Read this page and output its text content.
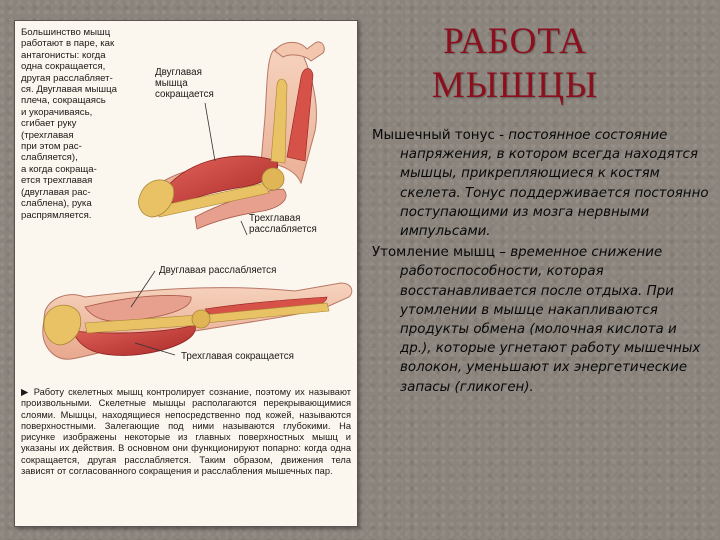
Большинство мышц
работают в паре, как
антагонисты: когда
одна сокращается,
другая расслабляет-
ся. Двуглавая мышца
плеча, сокращаясь
и укорачиваясь,
сгибает руку
(трехглавая
при этом рас-
слабляется),
а когда сокраща-
ется трехглавая
(двуглавая рас-
слаблена), рука
распрямляется.

Двуглавая
мышца
сокращается
Трехглавая
расслабляется
Двуглавая расслабляется
Трехглавая сокращается

▶ Работу скелетных мышц контролирует сознание, поэтому их называют произвольными. Скелетные мышцы располагаются перекрывающимися слоями. Мышцы, находящиеся непосредственно под кожей, называются поверхностными. Залегающие под ними называются глубокими. На рисунке изображены некоторые из главных поверхностных мышц и указаны их действия. В основном они функционируют попарно: когда одна сокращается, другая расслабляется. Таким образом, движения тела зависят от согласованного сокращения и расслабления мышечных пар.

РАБОТА
МЫШЦЫ

Мышечный тонус - постоянное состояние напряжения, в котором всегда находятся мышцы, прикрепляющиеся к костям скелета. Тонус поддерживается постоянно поступающими из мозга нервными импульсами.

Утомление мышц – временное снижение работоспособности, которая восстанавливается после отдыха. При утомлении в мышце накапливаются продукты обмена (молочная кислота и др.), которые угнетают работу мышечных волокон, уменьшают их энергетические запасы (гликоген).
